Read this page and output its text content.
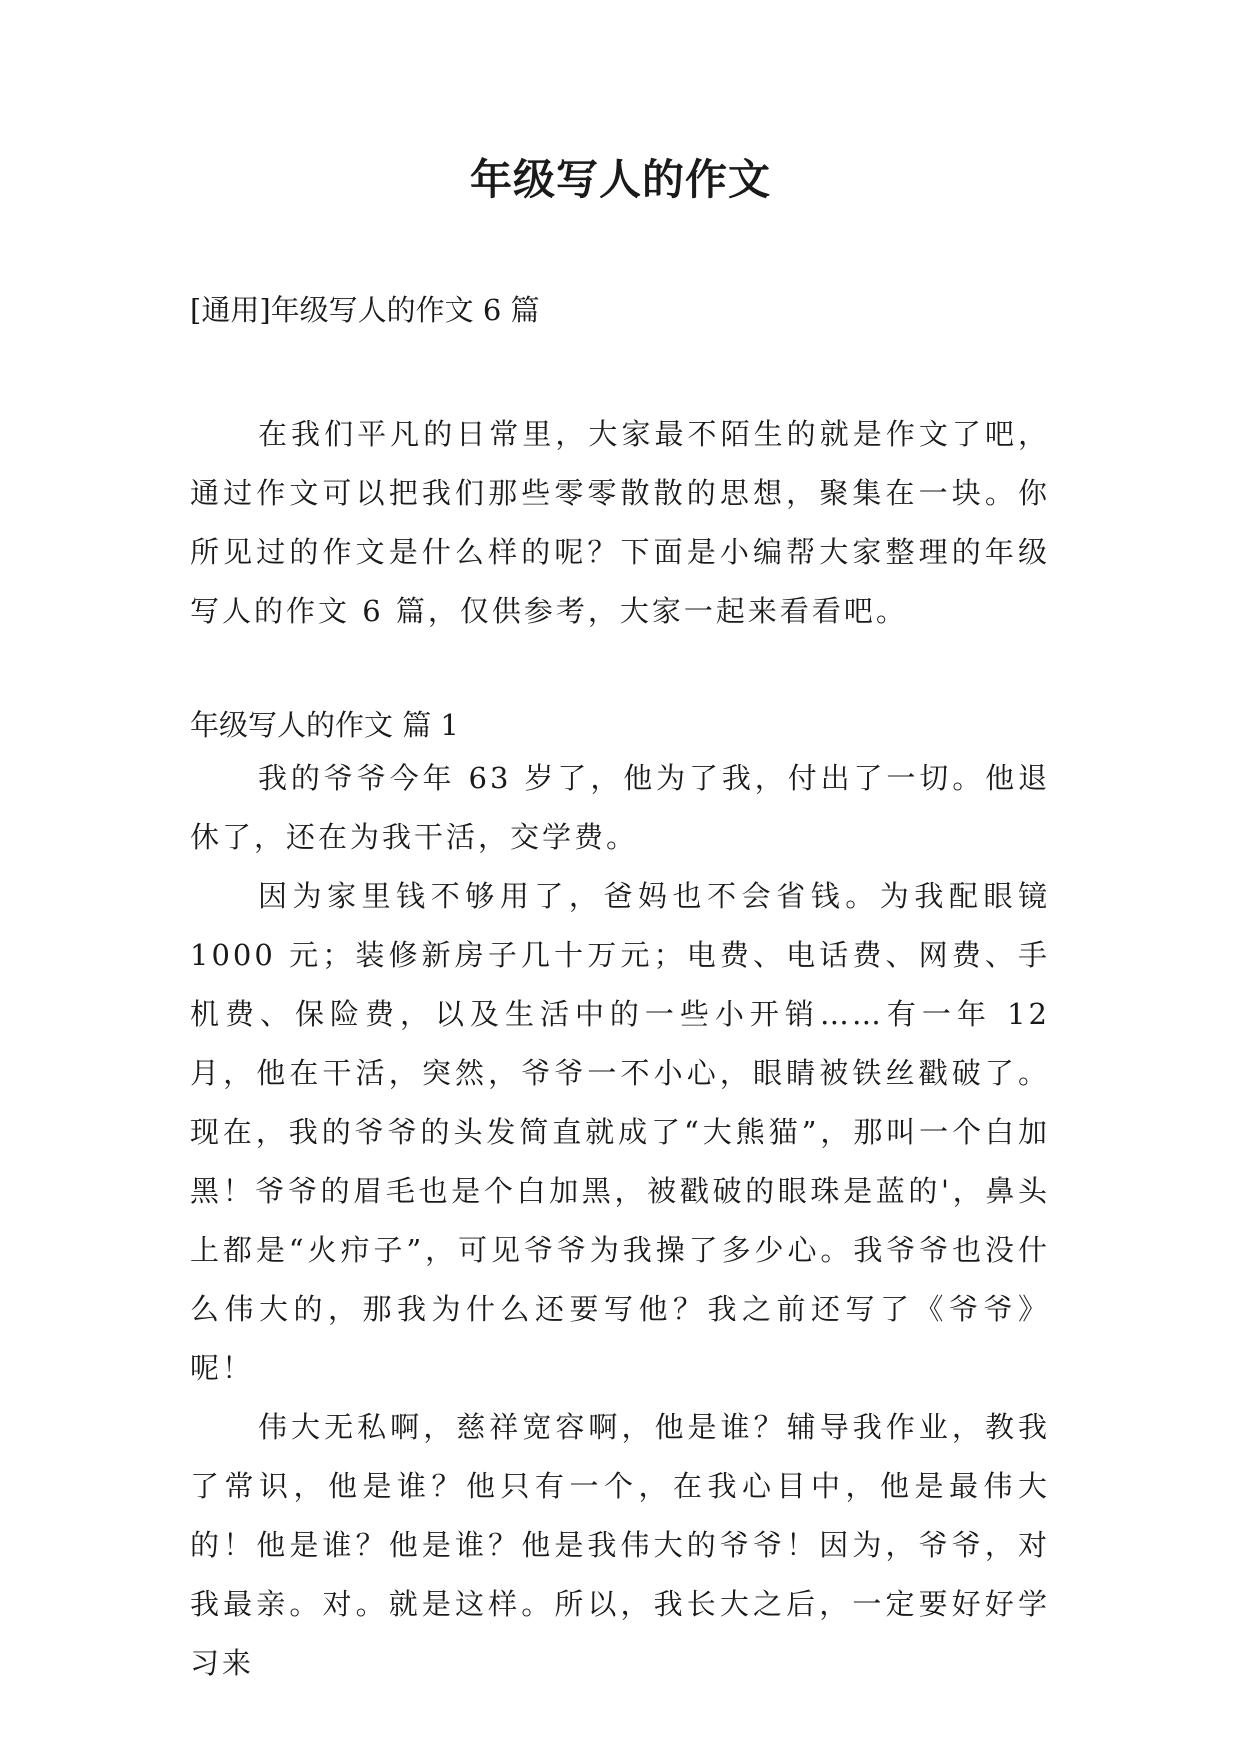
年级写人的作文

[通用]年级写人的作文 6 篇

在我们平凡的日常里，大家最不陌生的就是作文了吧，通过作文可以把我们那些零零散散的思想，聚集在一块。你所见过的作文是什么样的呢？下面是小编帮大家整理的年级写人的作文 6 篇，仅供参考，大家一起来看看吧。

年级写人的作文 篇 1

我的爷爷今年 63 岁了，他为了我，付出了一切。他退休了，还在为我干活，交学费。

因为家里钱不够用了，爸妈也不会省钱。为我配眼镜 1000 元；装修新房子几十万元；电费、电话费、网费、手机费、保险费，以及生活中的一些小开销……有一年 12 月，他在干活，突然，爷爷一不小心，眼睛被铁丝戳破了。现在，我的爷爷的头发简直就成了“大熊猫”，那叫一个白加黑！爷爷的眉毛也是个白加黑，被戳破的眼珠是蓝的'，鼻头上都是“火疖子”，可见爷爷为我操了多少心。我爷爷也没什么伟大的，那我为什么还要写他？我之前还写了《爷爷》呢！

伟大无私啊，慈祥宽容啊，他是谁？辅导我作业，教我了常识，他是谁？他只有一个，在我心目中，他是最伟大的！他是谁？他是谁？他是我伟大的爷爷！因为，爷爷，对我最亲。对。就是这样。所以，我长大之后，一定要好好学习来
